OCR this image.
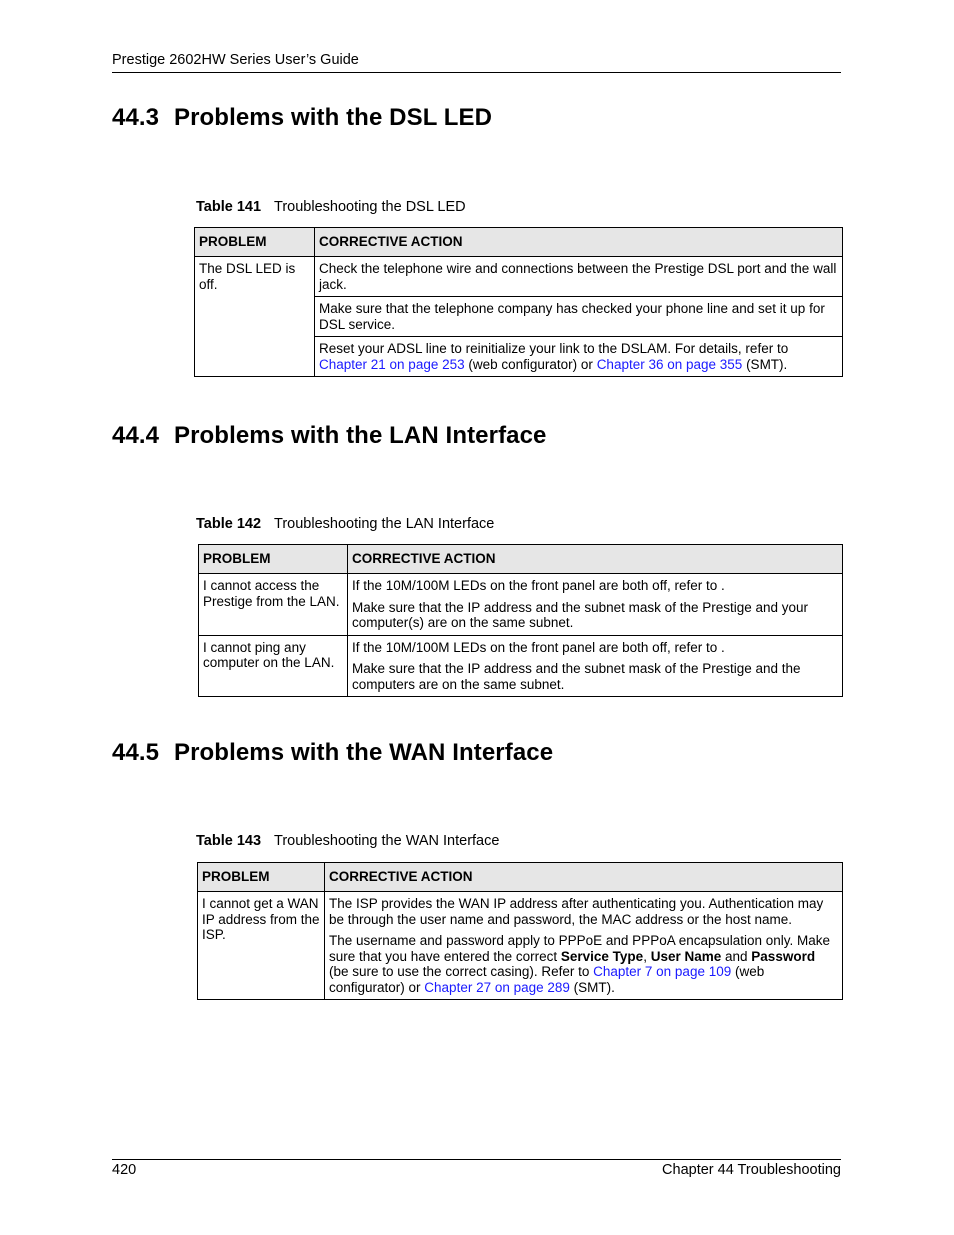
Prestige 2602HW Series User’s Guide
44.3 Problems with the DSL LED
Table 141 Troubleshooting the DSL LED
PROBLEM	CORRECTIVE ACTION
The DSL LED is off.	Check the telephone wire and connections between the Prestige DSL port and the wall jack.
	Make sure that the telephone company has checked your phone line and set it up for DSL service.
	Reset your ADSL line to reinitialize your link to the DSLAM. For details, refer to Chapter 21 on page 253 (web configurator) or Chapter 36 on page 355 (SMT).
44.4 Problems with the LAN Interface
Table 142 Troubleshooting the LAN Interface
PROBLEM	CORRECTIVE ACTION
I cannot access the Prestige from the LAN.	If the 10M/100M LEDs on the front panel are both off, refer to .

Make sure that the IP address and the subnet mask of the Prestige and your computer(s) are on the same subnet.

I cannot ping any computer on the LAN.	If the 10M/100M LEDs on the front panel are both off, refer to .

Make sure that the IP address and the subnet mask of the Prestige and the computers are on the same subnet.

44.5 Problems with the WAN Interface
Table 143 Troubleshooting the WAN Interface
PROBLEM	CORRECTIVE ACTION
I cannot get a WAN IP address from the ISP.	The ISP provides the WAN IP address after authenticating you. Authentication may be through the user name and password, the MAC address or the host name.

The username and password apply to PPPoE and PPPoA encapsulation only. Make sure that you have entered the correct Service Type, User Name and Password (be sure to use the correct casing). Refer to Chapter 7 on page 109 (web configurator) or Chapter 27 on page 289 (SMT).

420	Chapter 44 Troubleshooting
